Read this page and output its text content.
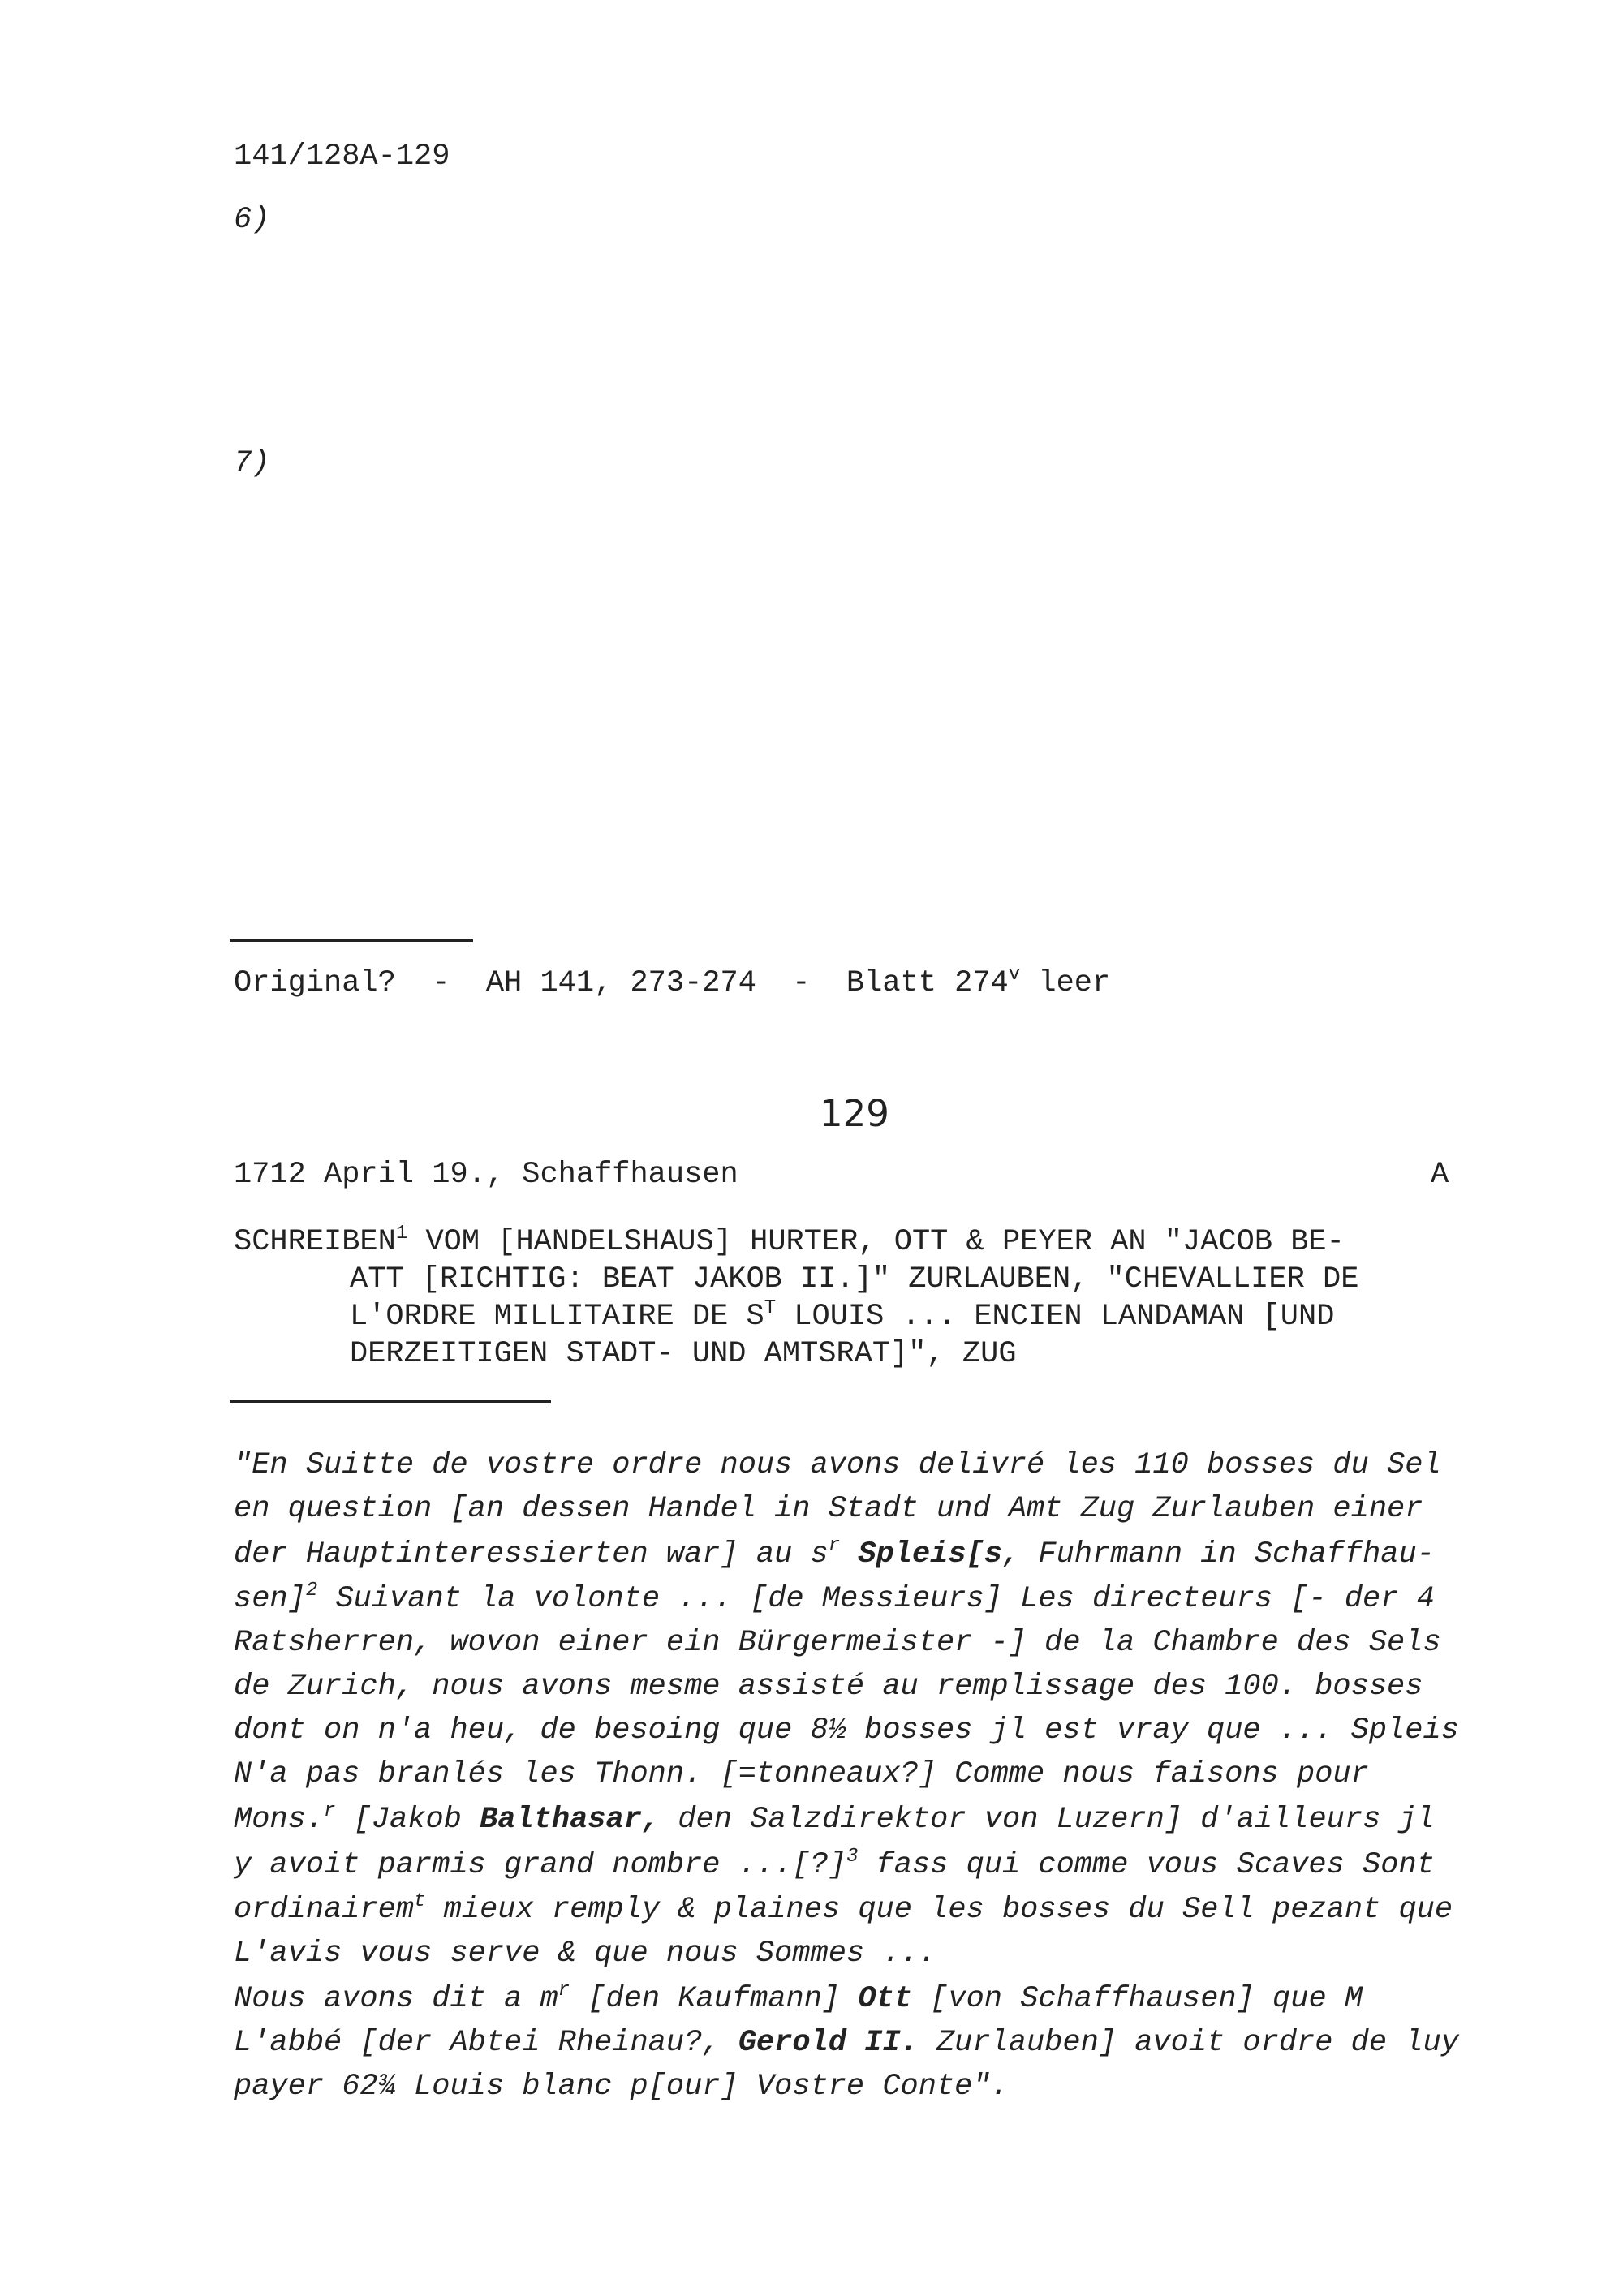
141/128A-129
6)
7)
Original?  -  AH 141, 273-274  -  Blatt 274$^v$ leer
129
1712 April 19., Schaffhausen	A
SCHREIBEN$^1$ VOM [HANDELSHAUS] HURTER, OTT & PEYER AN "JACOB BE-
ATT [RICHTIG: BEAT JAKOB II.]" ZURLAUBEN, "CHEVALLIER DE
L'ORDRE MILLITAIRE DE $S^T$ LOUIS ... ENCIEN LANDAMAN [UND
DERZEITIGEN STADT- UND AMTSRAT]", ZUG
"En Suitte de vostre ordre nous avons delivré les 110 bosses du Sel
en question [an dessen Handel in Stadt und Amt Zug Zurlauben einer
der Hauptinteressierten war] au $s^r$ Spleis[s, Fuhrmann in Schaffhau-
sen]$^2$ Suivant la volonte ... [de Messieurs] Les directeurs [- der 4
Ratsherren, wovon einer ein Bürgermeister -] de la Chambre des Sels
de Zurich, nous avons mesme assisté au remplissage des 100. bosses
dont on n'a heu, de besoing que 8½ bosses jl est vray que ... Spleis
N'a pas branlés les Thonn. [=tonneaux?] Comme nous faisons pour
Mons.$^r$ [Jakob Balthasar, den Salzdirektor von Luzern] d'ailleurs jl
y avoit parmis grand nombre ...[?]$^3$ fass qui comme vous Scaves Sont
ordinairem$^t$ mieux remply & plaines que les bosses du Sell pezant que
L'avis vous serve & que nous Sommes ...
Nous avons dit a $m^r$ [den Kaufmann] Ott [von Schaffhausen] que M
L'abbé [der Abtei Rheinau?, Gerold II. Zurlauben] avoit ordre de luy
payer 62¾ Louis blanc p[our] Vostre Conte".
